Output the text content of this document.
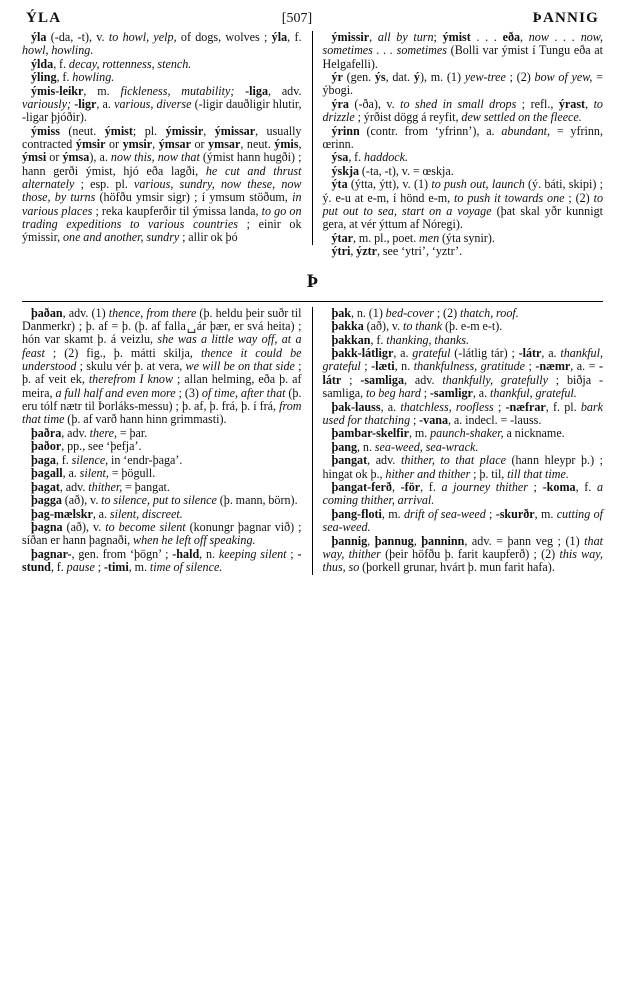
ÝLA	[507]	ÞANNIG

ýla (-da, -t), v. to howl, yelp, of dogs, wolves ; ýla, f. howl, howling.

ýlda, f. decay, rottenness, stench.

ýling, f. howling.

ýmis-leikr, m. fickleness, mutability; -liga, adv. variously; -ligr, a. various, diverse (-ligir dauðligir hlutir, -ligar þjóðir).

ýmiss (neut. ýmist; pl. ýmissir, ýmissar, usually contracted ýmsir or ymsir, ýmsar or ymsar, neut. ýmis, ýmsi or ýmsa), a. now this, now that (ýmist hann hugði) ; hann gerði ýmist, hjó eða lagði, he cut and thrust alternately ; esp. pl. various, sundry, now these, now those, by turns (höfðu ymsir sigr) ; í ymsum stöðum, in various places ; reka kaupferðir til ýmissa landa, to go on trading expeditions to various countries ; einir ok ýmissir, one and another, sundry ; allir ok þó

ýmissir, all by turn; ýmist . . . eða, now . . . now, sometimes . . . sometimes (Bolli var ýmist í Tungu eða at Helgafelli).

ýr (gen. ýs, dat. ý), m. (1) yew-tree ; (2) bow of yew, = ýbogi.

ýra (-ða), v. to shed in small drops ; refl., ýrast, to drizzle ; ýrðist dögg á reyfit, dew settled on the fleece.

ýrinn (contr. from ‘yfrinn’), a. abundant, = yfrinn, œrinn.

ýsa, f. haddock.

ýskja (-ta, -t), v. = œskja.

ýta (ýtta, ýtt), v. (1) to push out, launch (ý. báti, skipi) ; ý. e-u at e-m, í hönd e-m, to push it towards one ; (2) to put out to sea, start on a voyage (þat skal yðr kunnigt gera, at vér ýttum af Nóregi).

ýtar, m. pl., poet. men (ýta synir).

ýtri, ýztr, see ‘ytri’, ‘yztr’.

Þ

þaðan, adv. (1) thence, from there (þ. heldu þeir suðr til Danmerkr) ; þ. af = þ. (þ. af falla␣ár þær, er svá heita) ; hón var skamt þ. á veizlu, she was a little way off, at a feast ; (2) fig., þ. mátti skilja, thence it could be understood ; skulu vér þ. at vera, we will be on that side ; þ. af veit ek, therefrom I know ; allan helming, eða þ. af meira, a full half and even more ; (3) of time, after that (þ. eru tólf nætr til Þorláks-messu) ; þ. af, þ. frá, þ. í frá, from that time (þ. af varð hann hinn grimmasti).

þaðra, adv. there, = þar.

þaðor, pp., see ‘þefja’.

þaga, f. silence, in ‘endr-þaga’.

þagall, a. silent, = þögull.

þagat, adv. thither, = þangat.

þagga (að), v. to silence, put to silence (þ. mann, börn).

þag-mælskr, a. silent, discreet.

þagna (að), v. to become silent (konungr þagnar við) ; síðan er hann þagnaði, when he left off speaking.

þagnar-, gen. from ‘þögn’ ; -hald, n. keeping silent ; -stund, f. pause ; -timi, m. time of silence.

þak, n. (1) bed-cover ; (2) thatch, roof.

þakka (að), v. to thank (þ. e-m e-t).

þakkan, f. thanking, thanks.

þakk-látligr, a. grateful (-látlig tár) ; -látr, a. thankful, grateful ; -læti, n. thankfulness, gratitude ; -næmr, a. = -látr ; -samliga, adv. thankfully, gratefully ; biðja -samliga, to beg hard ; -samligr, a. thankful, grateful.

þak-lauss, a. thatchless, roofless ; -næfrar, f. pl. bark used for thatching ; -vana, a. indecl. = -lauss.

þambar-skelfir, m. paunch-shaker, a nickname.

þang, n. sea-weed, sea-wrack.

þangat, adv. thither, to that place (hann hleypr þ.) ; hingat ok þ., hither and thither ; þ. til, till that time.

þangat-ferð, -för, f. a journey thither ; -koma, f. a coming thither, arrival.

þang-floti, m. drift of sea-weed ; -skurðr, m. cutting of sea-weed.

þannig, þannug, þanninn, adv. = þann veg ; (1) that way, thither (þeir höfðu þ. farit kaupferð) ; (2) this way, thus, so (þorkell grunar, hvárt þ. mun farit hafa).
